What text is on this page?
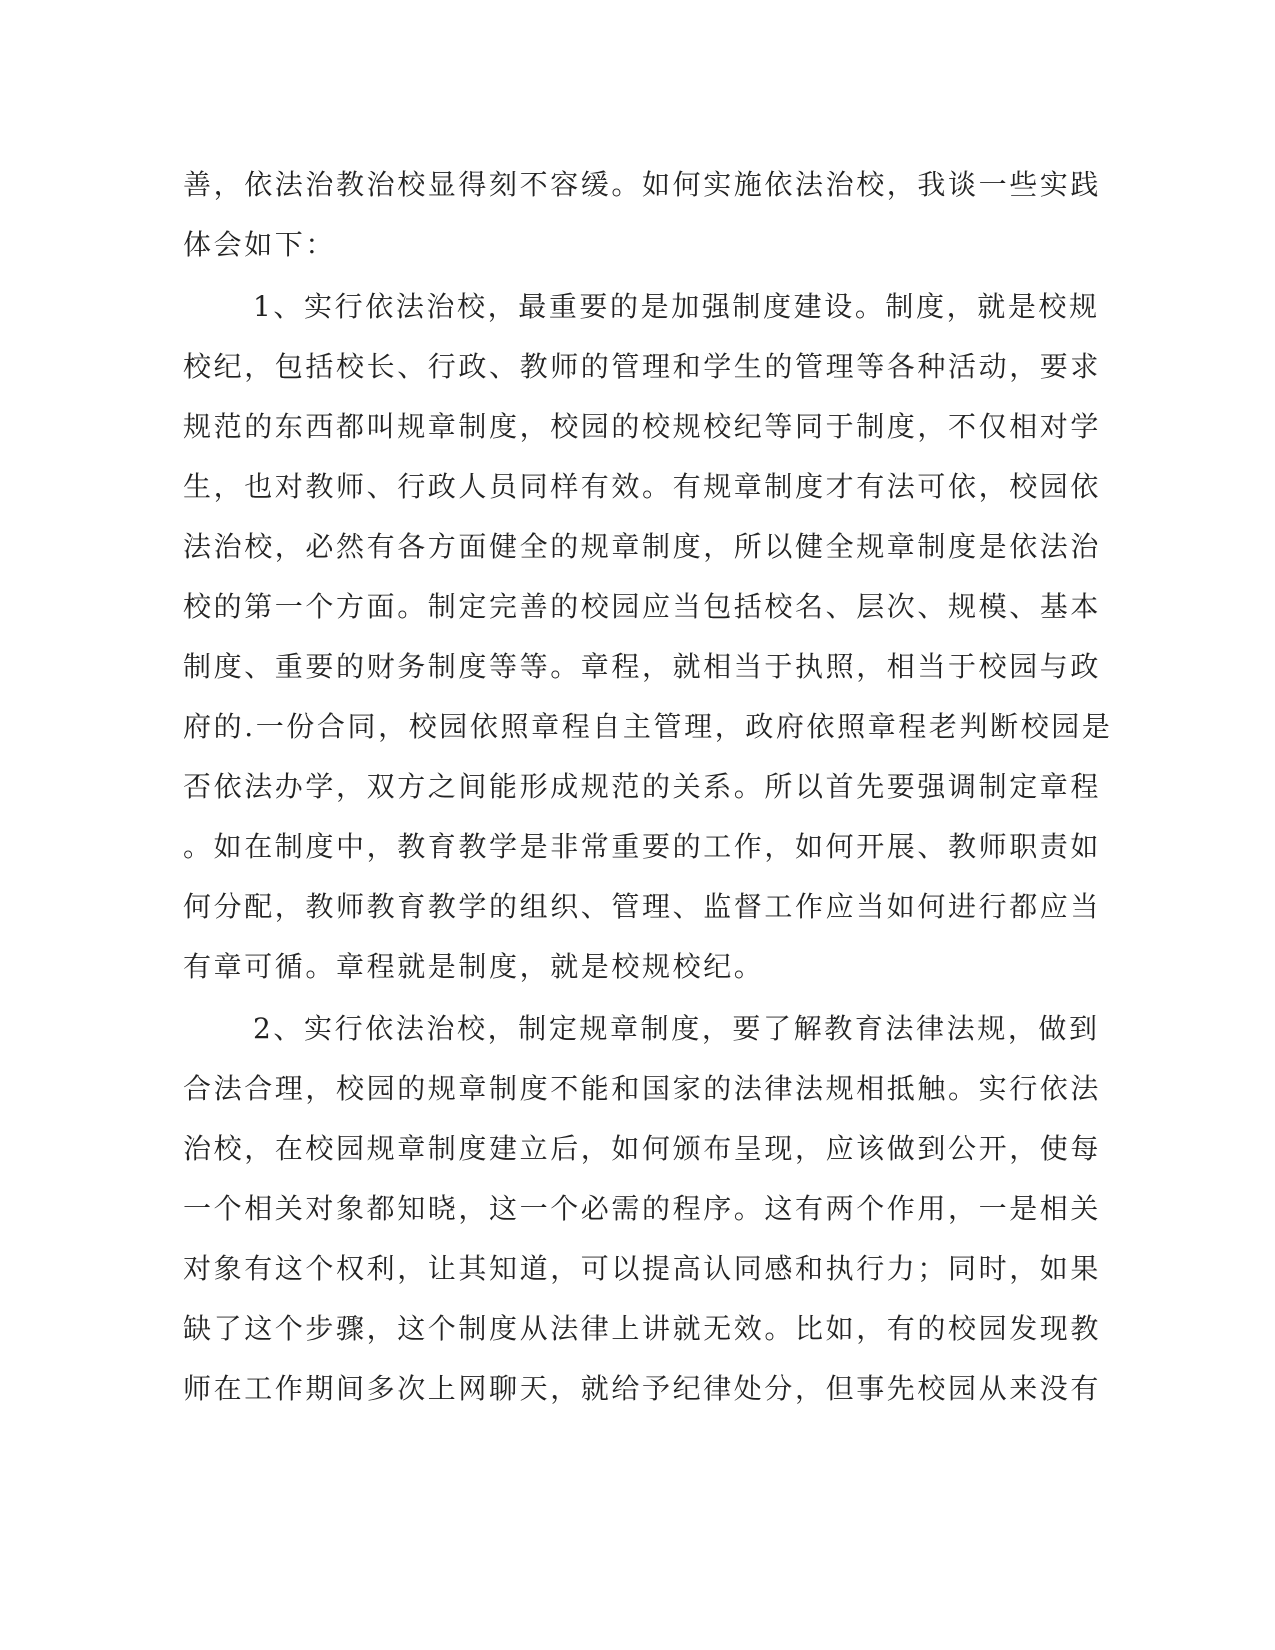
善，依法治教治校显得刻不容缓。如何实施依法治校，我谈一些实践
体会如下：
1、实行依法治校，最重要的是加强制度建设。制度，就是校规
校纪，包括校长、行政、教师的管理和学生的管理等各种活动，要求
规范的东西都叫规章制度，校园的校规校纪等同于制度，不仅相对学
生，也对教师、行政人员同样有效。有规章制度才有法可依，校园依
法治校，必然有各方面健全的规章制度，所以健全规章制度是依法治
校的第一个方面。制定完善的校园应当包括校名、层次、规模、基本
制度、重要的财务制度等等。章程，就相当于执照，相当于校园与政
府的.一份合同，校园依照章程自主管理，政府依照章程老判断校园是
否依法办学，双方之间能形成规范的关系。所以首先要强调制定章程
。如在制度中，教育教学是非常重要的工作，如何开展、教师职责如
何分配，教师教育教学的组织、管理、监督工作应当如何进行都应当
有章可循。章程就是制度，就是校规校纪。
2、实行依法治校，制定规章制度，要了解教育法律法规，做到
合法合理，校园的规章制度不能和国家的法律法规相抵触。实行依法
治校，在校园规章制度建立后，如何颁布呈现，应该做到公开，使每
一个相关对象都知晓，这一个必需的程序。这有两个作用，一是相关
对象有这个权利，让其知道，可以提高认同感和执行力；同时，如果
缺了这个步骤，这个制度从法律上讲就无效。比如，有的校园发现教
师在工作期间多次上网聊天，就给予纪律处分，但事先校园从来没有
